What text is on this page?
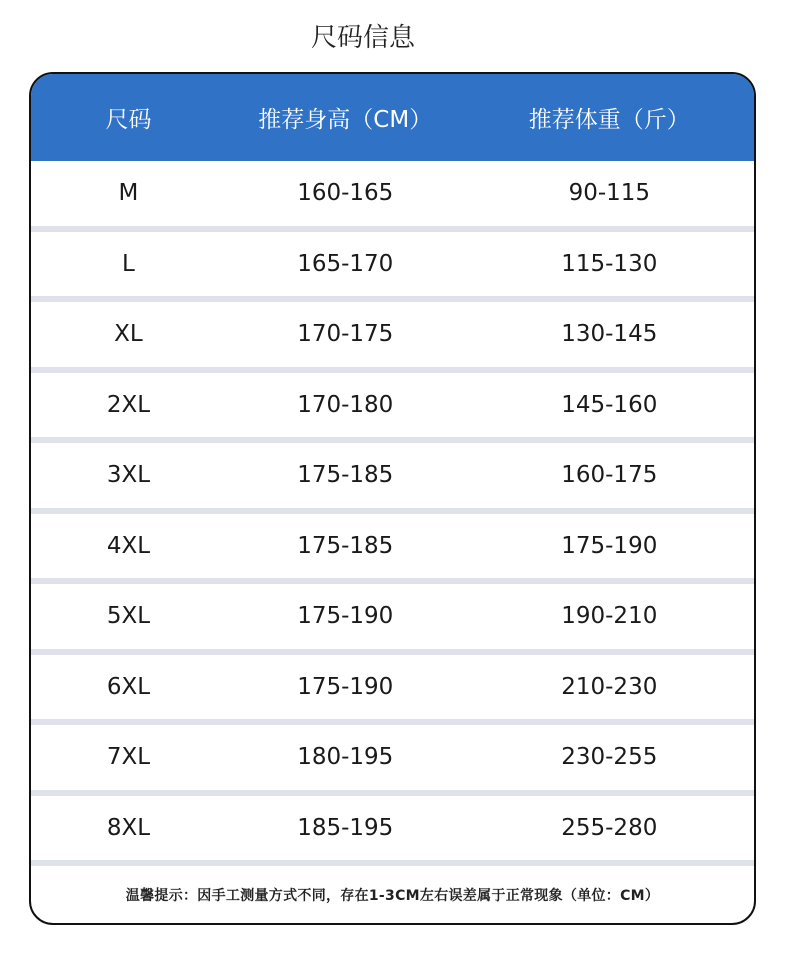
尺码信息
尺码	推荐身高（CM）	推荐体重（斤）
M	160-165	90-115
L	165-170	115-130
XL	170-175	130-145
2XL	170-180	145-160
3XL	175-185	160-175
4XL	175-185	175-190
5XL	175-190	190-210
6XL	175-190	210-230
7XL	180-195	230-255
8XL	185-195	255-280
温馨提示：因手工测量方式不同，存在1-3CM左右误差属于正常现象（单位：CM）
